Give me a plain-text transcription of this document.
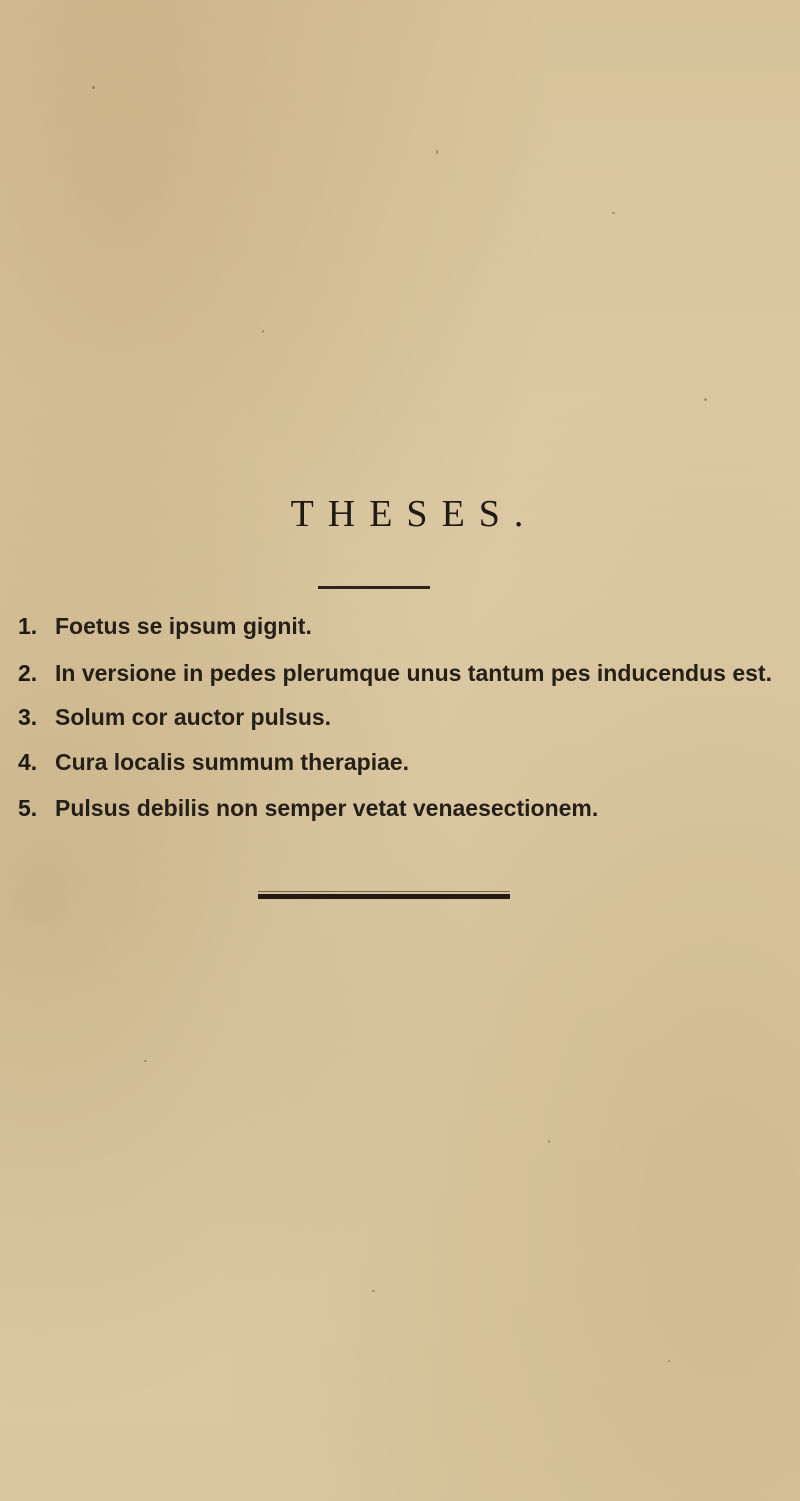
THESES.
1. Foetus se ipsum gignit.
2. In versione in pedes plerumque unus tantum pes inducendus est.
3. Solum cor auctor pulsus.
4. Cura localis summum therapiae.
5. Pulsus debilis non semper vetat venaesectionem.
